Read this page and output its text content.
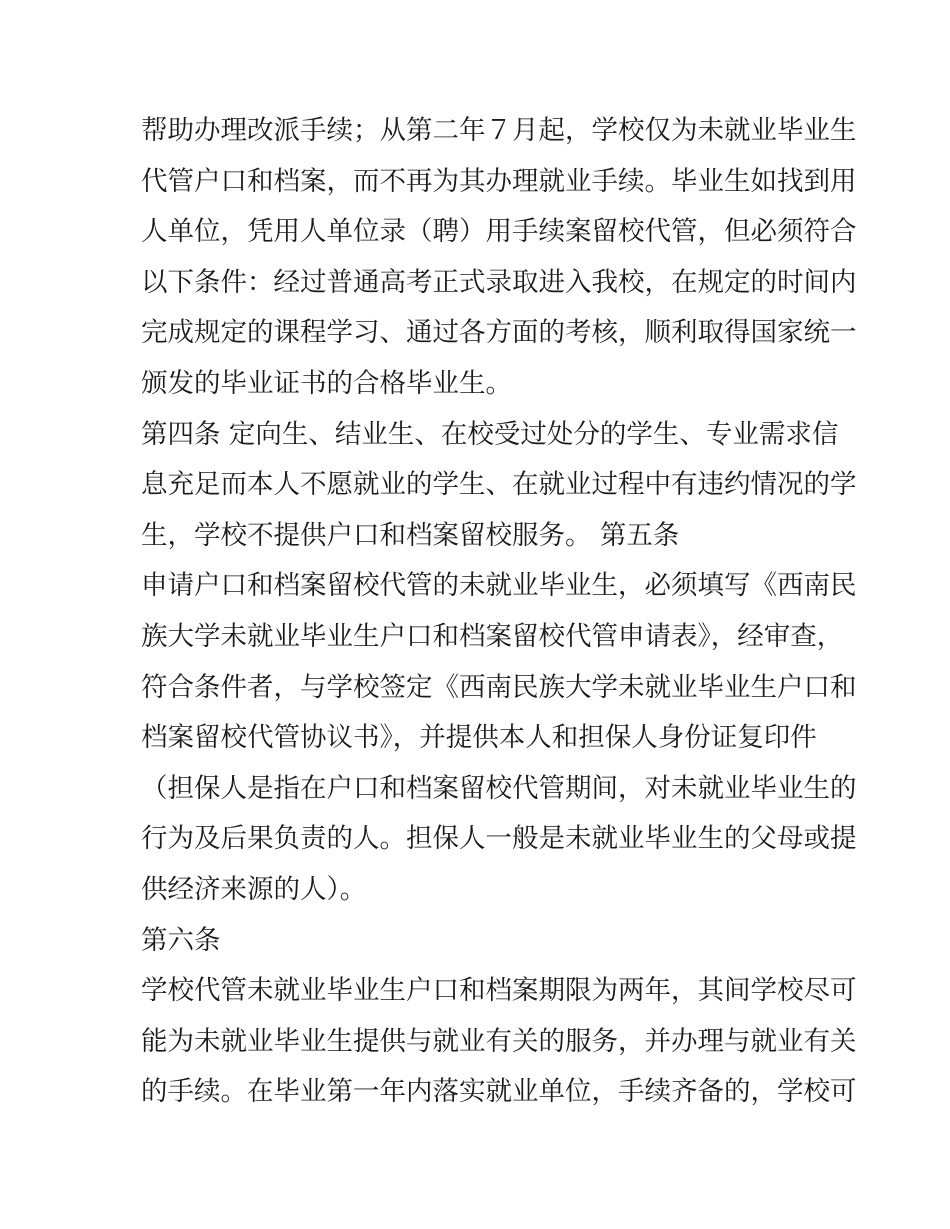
帮助办理改派手续；从第二年７月起，学校仅为未就业毕业生
代管户口和档案，而不再为其办理就业手续。毕业生如找到用
人单位，凭用人单位录（聘）用手续案留校代管，但必须符合
以下条件：经过普通高考正式录取进入我校，在规定的时间内
完成规定的课程学习、通过各方面的考核，顺利取得国家统一
颁发的毕业证书的合格毕业生。
第四条 定向生、结业生、在校受过处分的学生、专业需求信
息充足而本人不愿就业的学生、在就业过程中有违约情况的学
生，学校不提供户口和档案留校服务。 第五条
申请户口和档案留校代管的未就业毕业生，必须填写《西南民
族大学未就业毕业生户口和档案留校代管申请表》，经审查，
符合条件者，与学校签定《西南民族大学未就业毕业生户口和
档案留校代管协议书》，并提供本人和担保人身份证复印件
（担保人是指在户口和档案留校代管期间，对未就业毕业生的
行为及后果负责的人。担保人一般是未就业毕业生的父母或提
供经济来源的人）。
第六条
学校代管未就业毕业生户口和档案期限为两年，其间学校尽可
能为未就业毕业生提供与就业有关的服务，并办理与就业有关
的手续。在毕业第一年内落实就业单位，手续齐备的，学校可
